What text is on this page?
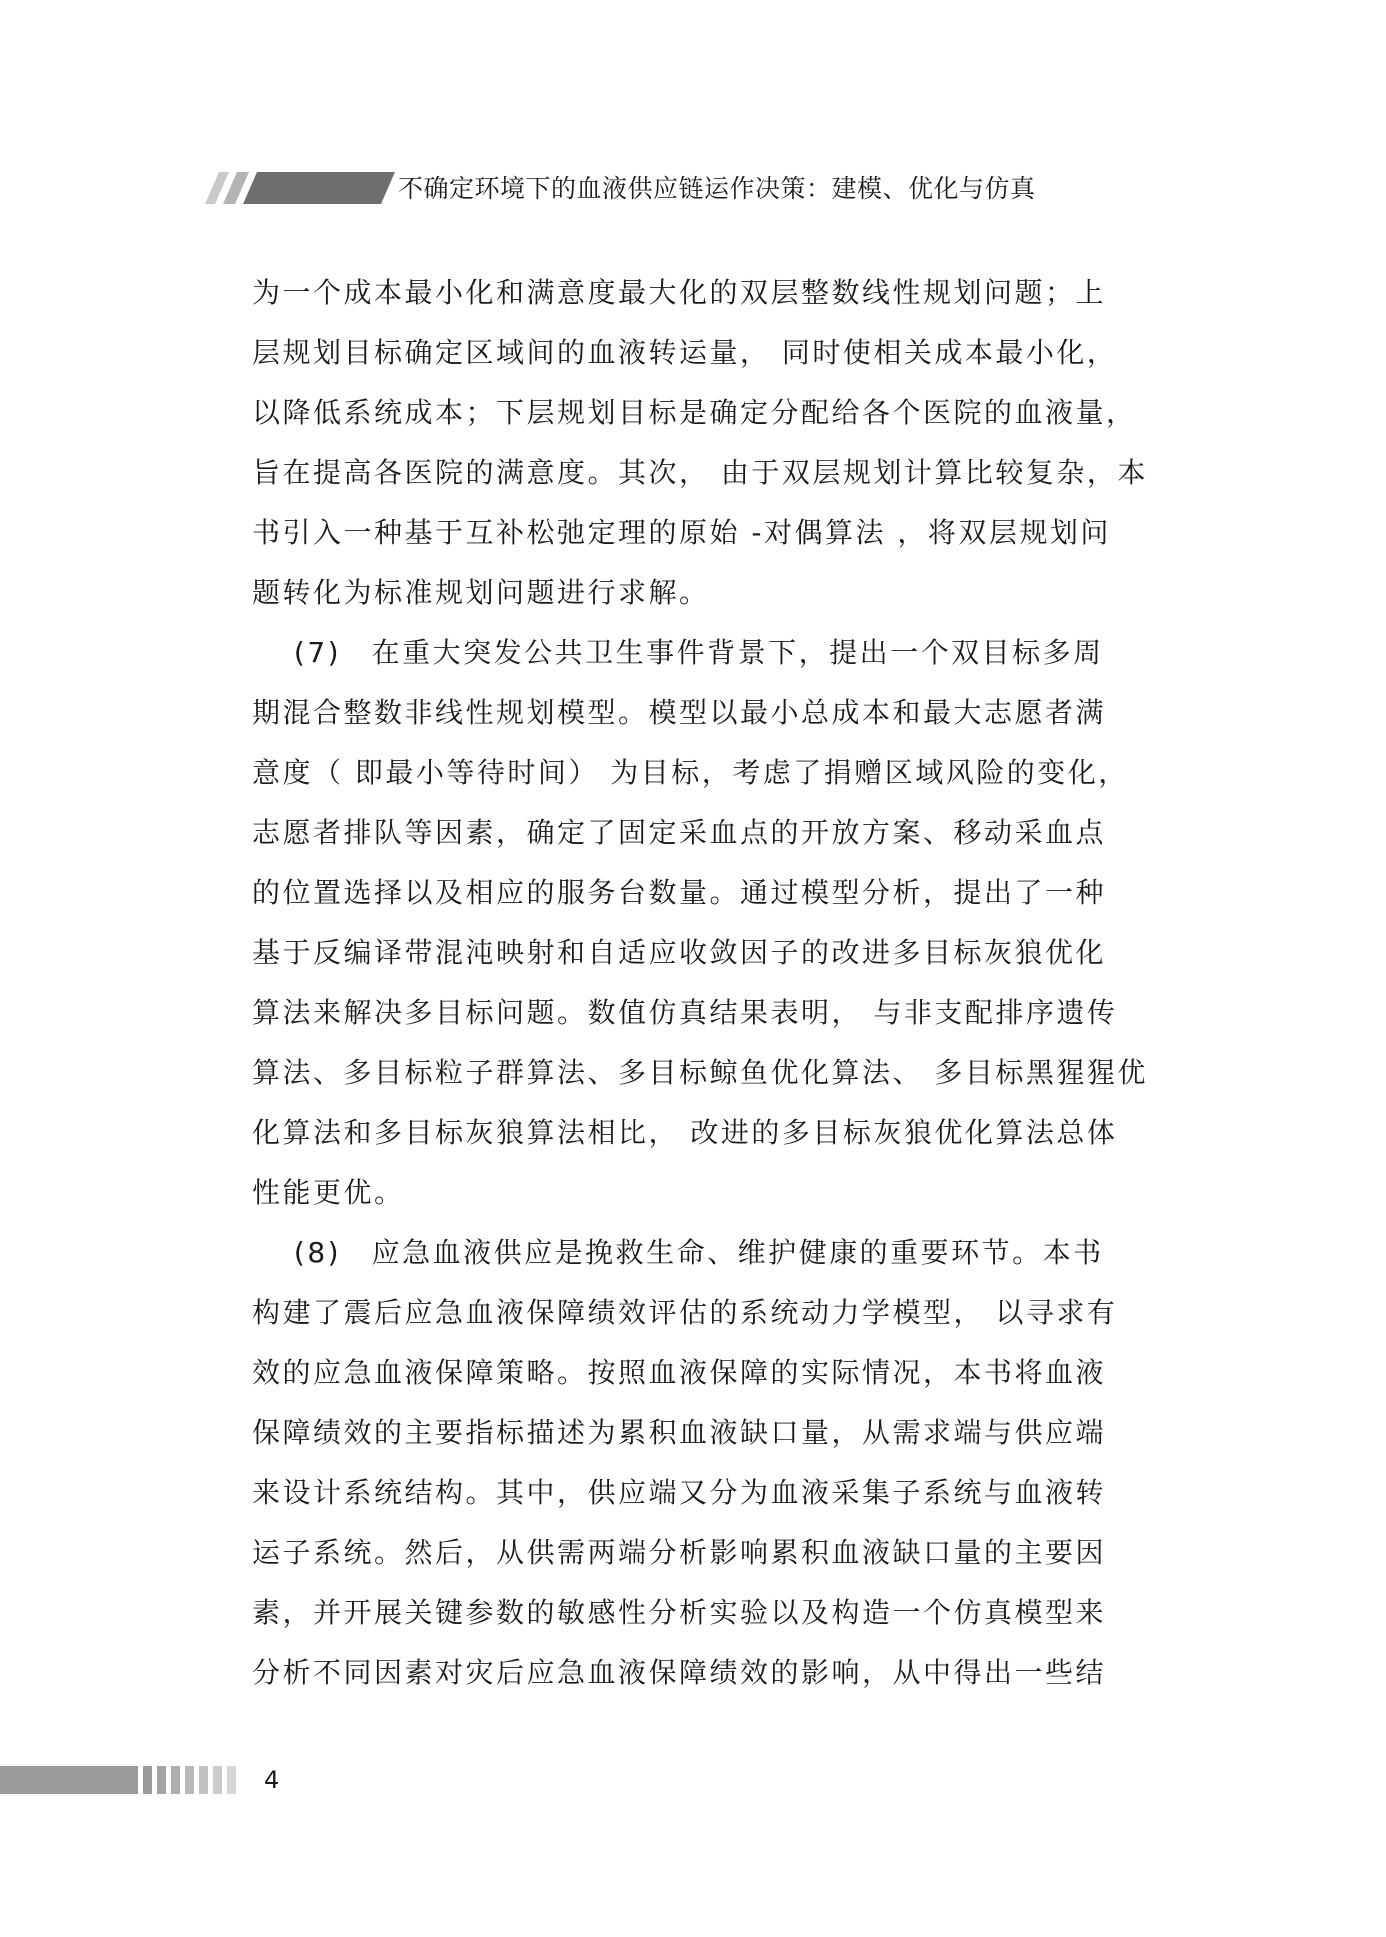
不确定环境下的血液供应链运作决策：建模、优化与仿真
为一个成本最小化和满意度最大化的双层整数线性规划问题；上
层规划目标确定区域间的血液转运量， 同时使相关成本最小化，
以降低系统成本；下层规划目标是确定分配给各个医院的血液量，
旨在提高各医院的满意度。其次， 由于双层规划计算比较复杂，本
书引入一种基于互补松弛定理的原始 -对偶算法 ，将双层规划问
题转化为标准规划问题进行求解。
　 (7)　在重大突发公共卫生事件背景下，提出一个双目标多周
期混合整数非线性规划模型。模型以最小总成本和最大志愿者满
意度（ 即最小等待时间） 为目标，考虑了捐赠区域风险的变化，
志愿者排队等因素，确定了固定采血点的开放方案、移动采血点
的位置选择以及相应的服务台数量。通过模型分析，提出了一种
基于反编译带混沌映射和自适应收敛因子的改进多目标灰狼优化
算法来解决多目标问题。数值仿真结果表明， 与非支配排序遗传
算法、多目标粒子群算法、多目标鲸鱼优化算法、 多目标黑猩猩优
化算法和多目标灰狼算法相比， 改进的多目标灰狼优化算法总体
性能更优。
　 (8)　应急血液供应是挽救生命、维护健康的重要环节。本书
构建了震后应急血液保障绩效评估的系统动力学模型， 以寻求有
效的应急血液保障策略。按照血液保障的实际情况，本书将血液
保障绩效的主要指标描述为累积血液缺口量，从需求端与供应端
来设计系统结构。其中，供应端又分为血液采集子系统与血液转
运子系统。然后，从供需两端分析影响累积血液缺口量的主要因
素，并开展关键参数的敏感性分析实验以及构造一个仿真模型来
分析不同因素对灾后应急血液保障绩效的影响，从中得出一些结
4
